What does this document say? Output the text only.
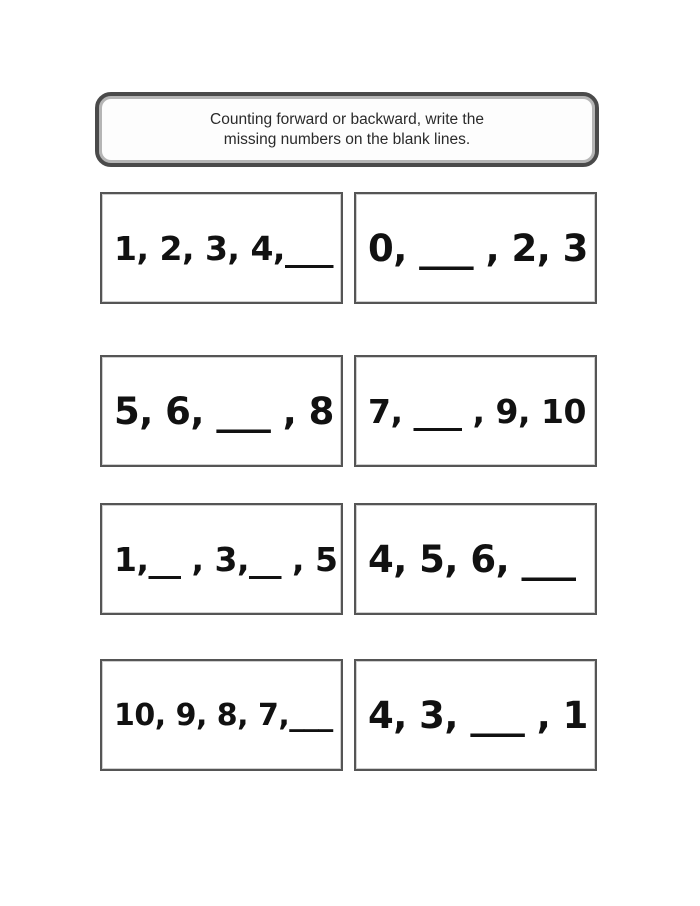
Counting forward or backward, write the
missing numbers on the blank lines.
1, 2, 3, 4,___ 0, ___ , 2, 3
5, 6, ___ , 8 7, ___ , 9, 10
1,__ , 3,__ , 5 4, 5, 6, ___
10, 9, 8, 7,___ 4, 3, ___ , 1
